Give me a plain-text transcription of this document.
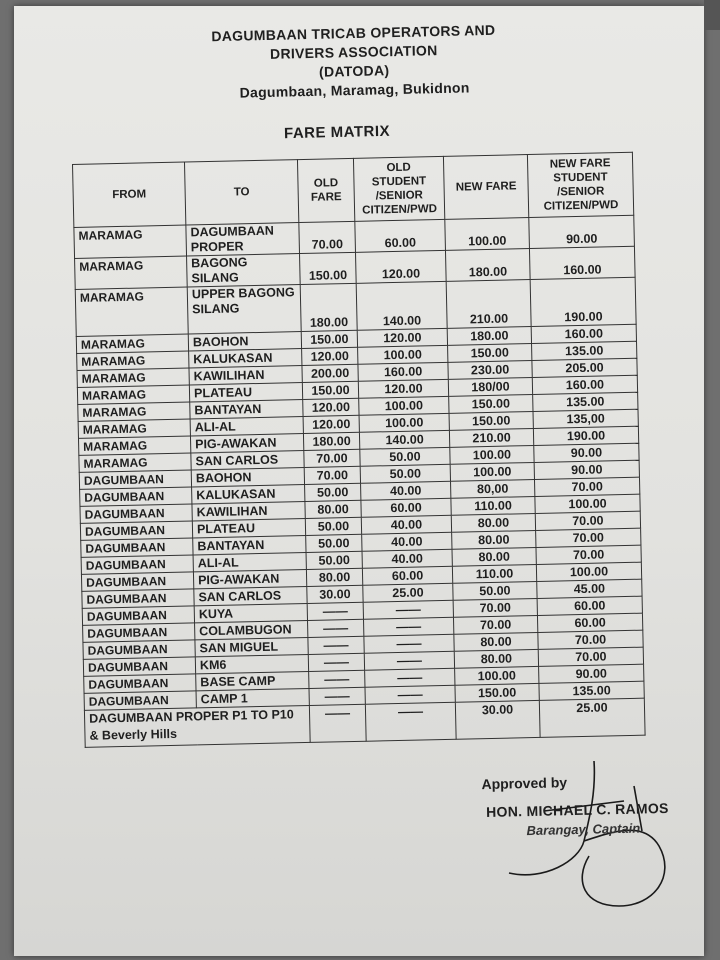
DAGUMBAAN TRICAB OPERATORS AND
DRIVERS ASSOCIATION
(DATODA)
Dagumbaan, Maramag, Bukidnon
FARE MATRIX
FROM	TO	OLD FARE	OLD STUDENT /SENIOR CITIZEN/PWD	NEW FARE	NEW FARE STUDENT /SENIOR CITIZEN/PWD
MARAMAG	DAGUMBAAN PROPER	70.00	60.00	100.00	90.00
MARAMAG	BAGONG SILANG	150.00	120.00	180.00	160.00
MARAMAG	UPPER BAGONG SILANG	180.00	140.00	210.00	190.00
MARAMAG	BAOHON	150.00	120.00	180.00	160.00
MARAMAG	KALUKASAN	120.00	100.00	150.00	135.00
MARAMAG	KAWILIHAN	200.00	160.00	230.00	205.00
MARAMAG	PLATEAU	150.00	120.00	180/00	160.00
MARAMAG	BANTAYAN	120.00	100.00	150.00	135.00
MARAMAG	ALI-AL	120.00	100.00	150.00	135,00
MARAMAG	PIG-AWAKAN	180.00	140.00	210.00	190.00
MARAMAG	SAN CARLOS	70.00	50.00	100.00	90.00
DAGUMBAAN	BAOHON	70.00	50.00	100.00	90.00
DAGUMBAAN	KALUKASAN	50.00	40.00	80,00	70.00
DAGUMBAAN	KAWILIHAN	80.00	60.00	110.00	100.00
DAGUMBAAN	PLATEAU	50.00	40.00	80.00	70.00
DAGUMBAAN	BANTAYAN	50.00	40.00	80.00	70.00
DAGUMBAAN	ALI-AL	50.00	40.00	80.00	70.00
DAGUMBAAN	PIG-AWAKAN	80.00	60.00	110.00	100.00
DAGUMBAAN	SAN CARLOS	30.00	25.00	50.00	45.00
DAGUMBAAN	KUYA	——	——	70.00	60.00
DAGUMBAAN	COLAMBUGON	——	——	70.00	60.00
DAGUMBAAN	SAN MIGUEL	——	——	80.00	70.00
DAGUMBAAN	KM6	——	——	80.00	70.00
DAGUMBAAN	BASE CAMP	——	——	100.00	90.00
DAGUMBAAN	CAMP 1	——	——	150.00	135.00
DAGUMBAAN PROPER P1 TO P10 & Beverly Hills		——	——	30.00	25.00
Approved by
HON. MICHAEL C. RAMOS
Barangay, Captain
